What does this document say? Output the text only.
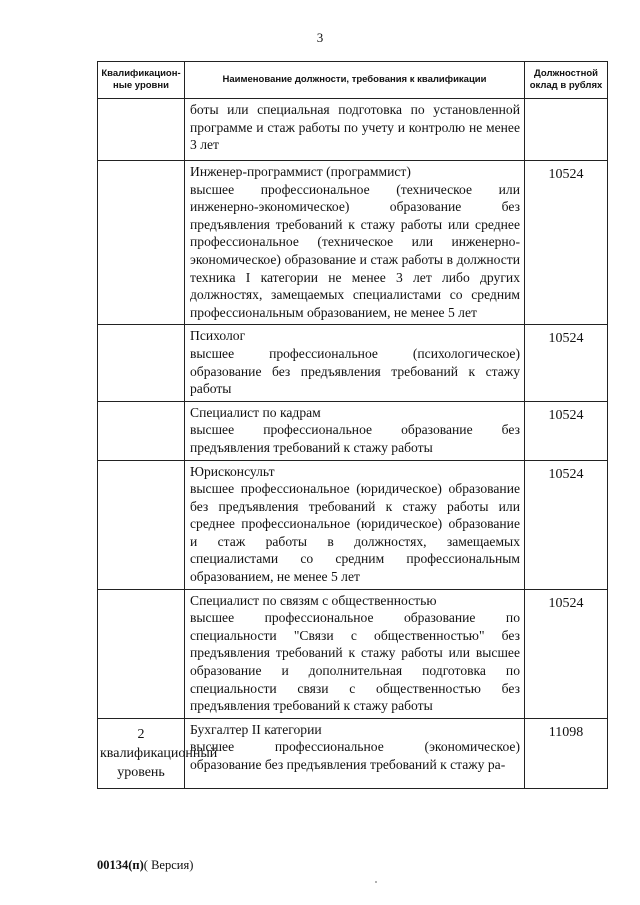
3
Квалификацион-ные уровни	Наименование должности, требования к квалификации	Должностной оклад в рублях

	боты или специальная подготовка по установленной программе и стаж работы по учету и контролю не менее 3 лет	

	Инженер-программист (программист)
высшее профессиональное (техническое или инженерно-экономическое) образование без предъявления требований к стажу работы или среднее профессиональное (техническое или инженерно-экономическое) образование и стаж работы в должности техника I категории не менее 3 лет либо других должностях, замещаемых специалистами со средним профессиональным образованием, не менее 5 лет	10524

	Психолог
высшее профессиональное (психологическое) образование без предъявления требований к стажу работы	10524

	Специалист по кадрам
высшее профессиональное образование без предъявления требований к стажу работы	10524

	Юрисконсульт
высшее профессиональное (юридическое) образование без предъявления требований к стажу работы или среднее профессиональное (юридическое) образование и стаж работы в должностях, замещаемых специалистами со средним профессиональным образованием, не менее 5 лет	10524

	Специалист по связям с общественностью
высшее профессиональное образование по специальности "Связи с общественностью" без предъявления требований к стажу работы или высшее образование и дополнительная подготовка по специальности связи с общественностью без предъявления требований к стажу работы	10524
2 квалификационный уровень	Бухгалтер II категории
высшее профессиональное (экономическое) образование без предъявления требований к стажу ра-	11098
00134(п)( Версия)
